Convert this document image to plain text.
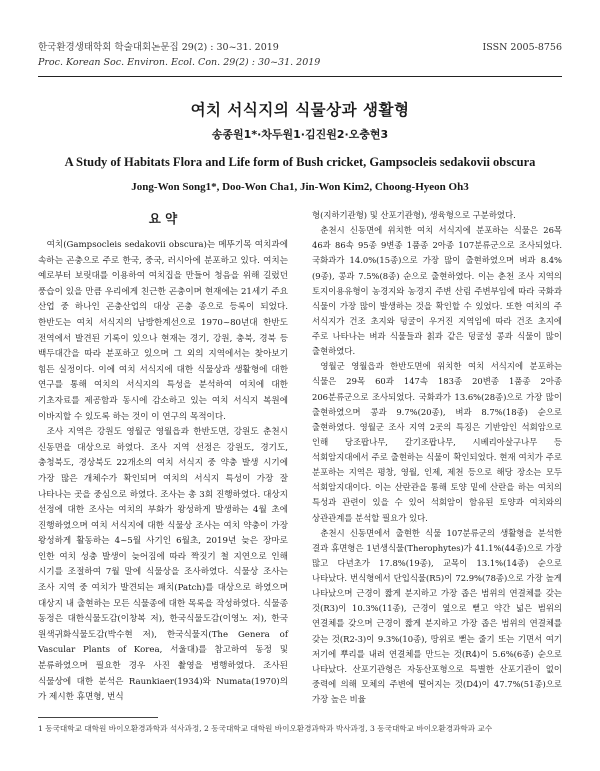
한국환경생태학회 학술대회논문집 29(2) : 30~31. 2019	ISSN 2005-8756
Proc. Korean Soc. Environ. Ecol. Con. 29(2) : 30~31. 2019
여치 서식지의 식물상과 생활형
송종원1*·차두원1·김진원2·오충현3
A Study of Habitats Flora and Life form of Bush cricket, Gampsocleis sedakovii obscura
Jong-Won Song1*, Doo-Won Cha1, Jin-Won Kim2, Choong-Hyeon Oh3
요 약

여치(Gampsocleis sedakovii obscura)는 메뚜기목 여치과에 속하는 곤충으로 주로 한국, 중국, 러시아에 분포하고 있다. 여치는 예로부터 보릿대를 이용하여 여치집을 만들어 청음을 위해 길렀던 풍습이 있을 만큼 우리에게 친근한 곤충이며 현재에는 21세기 주요 산업 중 하나인 곤충산업의 대상 곤충 종으로 등록이 되었다. 한반도는 여치 서식지의 남방한계선으로 1970~80년대 한반도 전역에서 발견된 기록이 있으나 현재는 경기, 강원, 충북, 경북 등 백두대간을 따라 분포하고 있으며 그 외의 지역에서는 찾아보기 힘든 실정이다. 이에 여치 서식지에 대한 식물상과 생활형에 대한 연구를 통해 여치의 서식지의 특성을 분석하여 여치에 대한 기초자료를 제공함과 동시에 감소하고 있는 여치 서식지 복원에 이바지할 수 있도록 하는 것이 이 연구의 목적이다.

조사 지역은 강원도 영월군 영월읍과 한반도면, 강원도 춘천시 신동면을 대상으로 하였다. 조사 지역 선정은 강원도, 경기도, 충청북도, 경상북도 22개소의 여치 서식지 중 약충 발생 시기에 가장 많은 개체수가 확인되며 여치의 서식지 특성이 가장 잘 나타나는 곳을 중심으로 하였다. 조사는 총 3회 진행하였다. 대상지 선정에 대한 조사는 여치의 부화가 왕성하게 발생하는 4월 초에 진행하였으며 여치 서식지에 대한 식물상 조사는 여치 약충이 가장 왕성하게 활동하는 4~5월 사기인 6월초, 2019년 늦은 장마로 인한 여치 성충 발생이 늦어짐에 따라 짝짓기 철 지연으로 인해 시기를 조절하여 7월 말에 식물상을 조사하였다. 식물상 조사는 조사 지역 중 여치가 발견되는 패치(Patch)를 대상으로 하였으며 대상지 내 출현하는 모든 식물종에 대한 목록을 작성하였다. 식물종 동정은 대한식물도감(이창복 저), 한국식물도감(이영노 저), 한국 원색귀화식물도감(박수현 저), 한국식물지(The Genera of Vascular Plants of Korea, 서울대)를 참고하여 동정 및 분류하였으며 필요한 경우 사진 촬영을 병행하였다. 조사된 식물상에 대한 분석은 Raunkiaer(1934)와 Numata(1970)의 가 제시한 휴면형, 번식

형(지하기관형) 및 산포기관형), 생육형으로 구분하였다.

춘천시 신동면에 위치한 여치 서식지에 분포하는 식물은 26목 46과 86속 95종 9변종 1품종 2아종 107분류군으로 조사되었다. 국화과가 14.0%(15종)으로 가장 많이 출현하였으며 벼과 8.4%(9종), 콩과 7.5%(8종) 순으로 출현하였다. 이는 춘천 조사 지역의 토지이용유형이 농경지와 농경지 주변 산림 주변부임에 따라 국화과 식물이 가장 많이 발생하는 것을 확인할 수 있었다. 또한 여치의 주 서식지가 건조 초지와 덩굴이 우거진 지역임에 따라 건조 초지에 주로 나타나는 벼과 식물들과 칡과 같은 덩굴성 콩과 식물이 많이 출현하였다.

영월군 영월읍과 한반도면에 위치한 여치 서식지에 분포하는 식물은 29목 60과 147속 183종 20변종 1품종 2아종 206분류군으로 조사되었다. 국화과가 13.6%(28종)으로 가장 많이 출현하였으며 콩과 9.7%(20종), 벼과 8.7%(18종) 순으로 출현하였다. 영월군 조사 지역 2곳의 특징은 기반암인 석회암으로 인해 당조팝나무, 갈기조팝나무, 시베리아살구나무 등 석회암지대에서 주로 출현하는 식물이 확인되었다. 현재 여치가 주로 분포하는 지역은 평창, 영월, 인제, 제천 등으로 해당 장소는 모두 석회암지대이다. 이는 산란관을 통해 토양 밑에 산란을 하는 여치의 특성과 관련이 있을 수 있어 석회암이 함유된 토양과 여치와의 상관관계를 분석할 필요가 있다.

춘천시 신동면에서 출현한 식물 107분류군의 생활형을 분석한 결과 휴면형은 1년생식물(Therophytes)가 41.1%(44종)으로 가장 많고 다년초가 17.8%(19종), 교목이 13.1%(14종) 순으로 나타났다. 번식형에서 단입식물(R5)이 72.9%(78종)으로 가장 높게 나타났으며 근경이 짧게 분지하고 가장 좁은 범위의 연결체를 갖는 것(R3)이 10.3%(11종), 근경이 옆으로 뻗고 약간 넓은 범위의 연결체를 갖으며 근경이 짧게 분지하고 가장 좁은 범위의 연결체를 갖는 것(R2-3)이 9.3%(10종), 땅위로 뻗는 줄기 또는 기면서 여기 저기에 뿌리를 내려 연결체를 만드는 것(R4)이 5.6%(6종) 순으로 나타났다. 산포기관형은 자동산포형으로 특별한 산포기관이 없이 중력에 의해 모체의 주변에 떨어지는 것(D4)이 47.7%(51종)으로 가장 높은 비율

1 동국대학교 대학원 바이오환경과학과 석사과정, 2 동국대학교 대학원 바이오환경과학과 박사과정, 3 동국대학교 바이오환경과학과 교수
